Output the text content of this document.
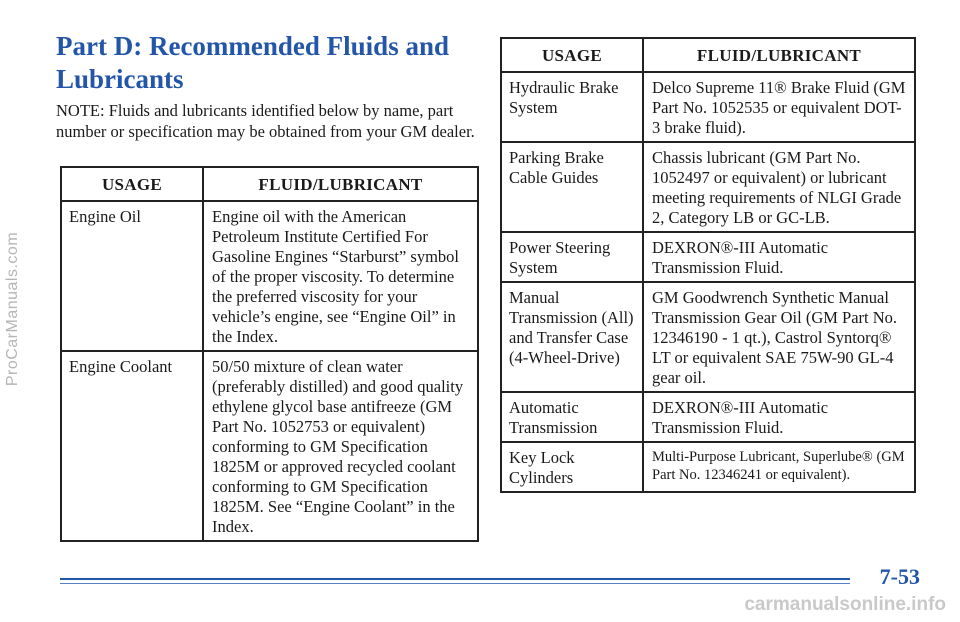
ProCarManuals.com
Part D: Recommended Fluids and Lubricants

NOTE: Fluids and lubricants identified below by name, part number or specification may be obtained from your GM dealer.

USAGE	FLUID/LUBRICANT
Engine Oil	Engine oil with the American Petroleum Institute Certified For Gasoline Engines “Starburst” symbol of the proper viscosity. To determine the preferred viscosity for your vehicle’s engine, see “Engine Oil” in the Index.
Engine Coolant	50/50 mixture of clean water (preferably distilled) and good quality ethylene glycol base antifreeze (GM Part No. 1052753 or equivalent) conforming to GM Specification 1825M or approved recycled coolant conforming to GM Specification 1825M. See “Engine Coolant” in the Index.
USAGE	FLUID/LUBRICANT
Hydraulic Brake System	Delco Supreme 11® Brake Fluid (GM Part No. 1052535 or equivalent DOT-3 brake fluid).
Parking Brake Cable Guides	Chassis lubricant (GM Part No. 1052497 or equivalent) or lubricant meeting requirements of NLGI Grade 2, Category LB or GC-LB.
Power Steering System	DEXRON®-III Automatic Transmission Fluid.
Manual Transmission (All) and Transfer Case (4-Wheel-Drive)	GM Goodwrench Synthetic Manual Transmission Gear Oil (GM Part No. 12346190 - 1 qt.), Castrol Syntorq® LT or equivalent SAE 75W-90 GL-4 gear oil.
Automatic Transmission	DEXRON®-III Automatic Transmission Fluid.
Key Lock Cylinders	Multi-Purpose Lubricant, Superlube® (GM Part No. 12346241 or equivalent).
7-53
carmanualsonline.info
